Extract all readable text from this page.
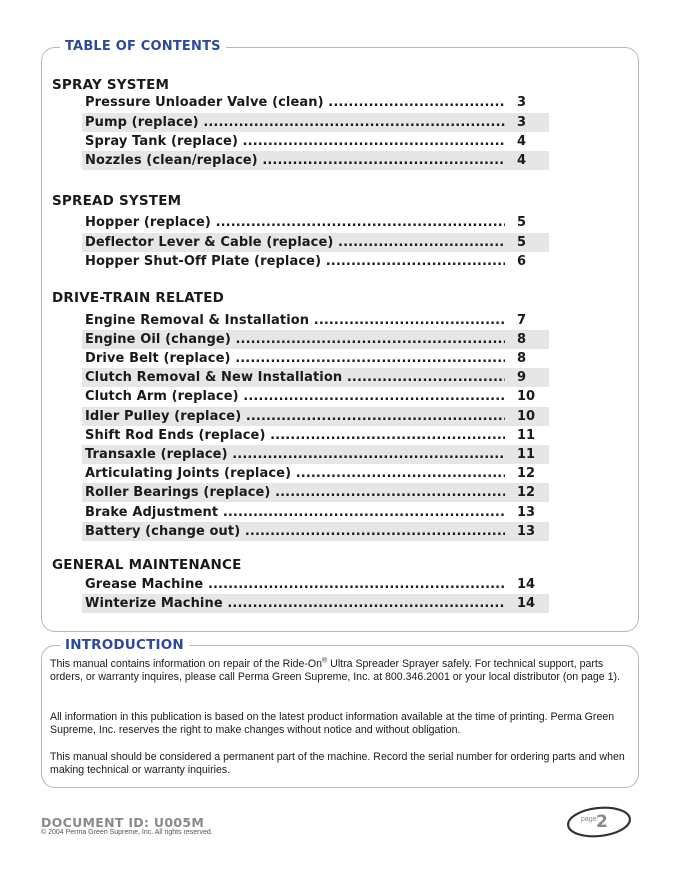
TABLE OF CONTENTS
SPRAY SYSTEM
Pressure Unloader Valve (clean) .....	3
Pump (replace) .....	3
Spray Tank (replace) .....	4
Nozzles (clean/replace) .....	4
SPREAD SYSTEM
Hopper (replace) .....	5
Deflector Lever & Cable (replace) .....	5
Hopper Shut-Off Plate (replace) .....	6
DRIVE-TRAIN RELATED
Engine Removal & Installation .....	7
Engine Oil (change) .....	8
Drive Belt (replace) .....	8
Clutch Removal & New Installation .....	9
Clutch Arm (replace) .....	10
Idler Pulley (replace) .....	10
Shift Rod Ends (replace) .....	11
Transaxle (replace) .....	11
Articulating Joints (replace) .....	12
Roller Bearings (replace) .....	12
Brake Adjustment .....	13
Battery (change out) .....	13
GENERAL MAINTENANCE
Grease Machine .....	14
Winterize Machine .....	14
INTRODUCTION

This manual contains information on repair of the Ride-On® Ultra Spreader Sprayer safely. For technical support, parts orders, or warranty inquires, please call Perma Green Supreme, Inc. at 800.346.2001 or your local distributor (on page 1).

All information in this publication is based on the latest product information available at the time of printing. Perma Green Supreme, Inc. reserves the right to make changes without notice and without obligation.

This manual should be considered a permanent part of the machine. Record the serial number for ordering parts and when making technical or warranty inquiries.

DOCUMENT ID: U005M
© 2004 Perma Green Supreme, Inc. All rights reserved.
page 2
